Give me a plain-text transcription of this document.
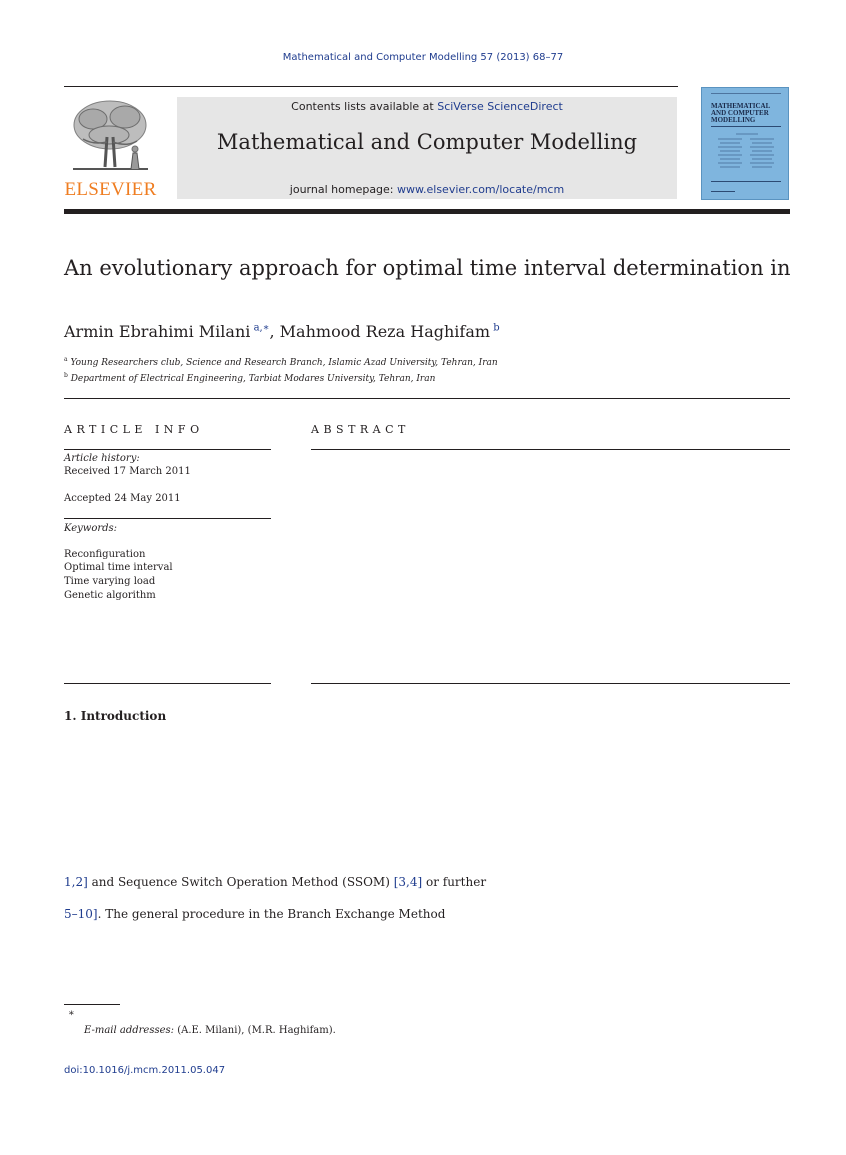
Mathematical and Computer Modelling 57 (2013) 68–77
ELSEVIER
Contents lists available at SciVerse ScienceDirect
Mathematical and Computer Modelling
journal homepage: www.elsevier.com/locate/mcm
MATHEMATICAL AND COMPUTER MODELLING
An evolutionary approach for optimal time interval determination in
Armin Ebrahimi Milani $^{a,∗}$, Mahmood Reza Haghifam $^b$
$^a$ Young Researchers club, Science and Research Branch, Islamic Azad University, Tehran, Iran
$^b$ Department of Electrical Engineering, Tarbiat Modares University, Tehran, Iran
ARTICLE INFO
Article history:
Received 17 March 2011
Accepted 24 May 2011
Keywords:
Reconfiguration
Optimal time interval
Time varying load
Genetic algorithm
ABSTRACT
1. Introduction
1,2] and Sequence Switch Operation Method (SSOM) [3,4] or further
5–10]. The general procedure in the Branch Exchange Method
∗
E-mail addresses: (A.E. Milani), (M.R. Haghifam).
doi:10.1016/j.mcm.2011.05.047
